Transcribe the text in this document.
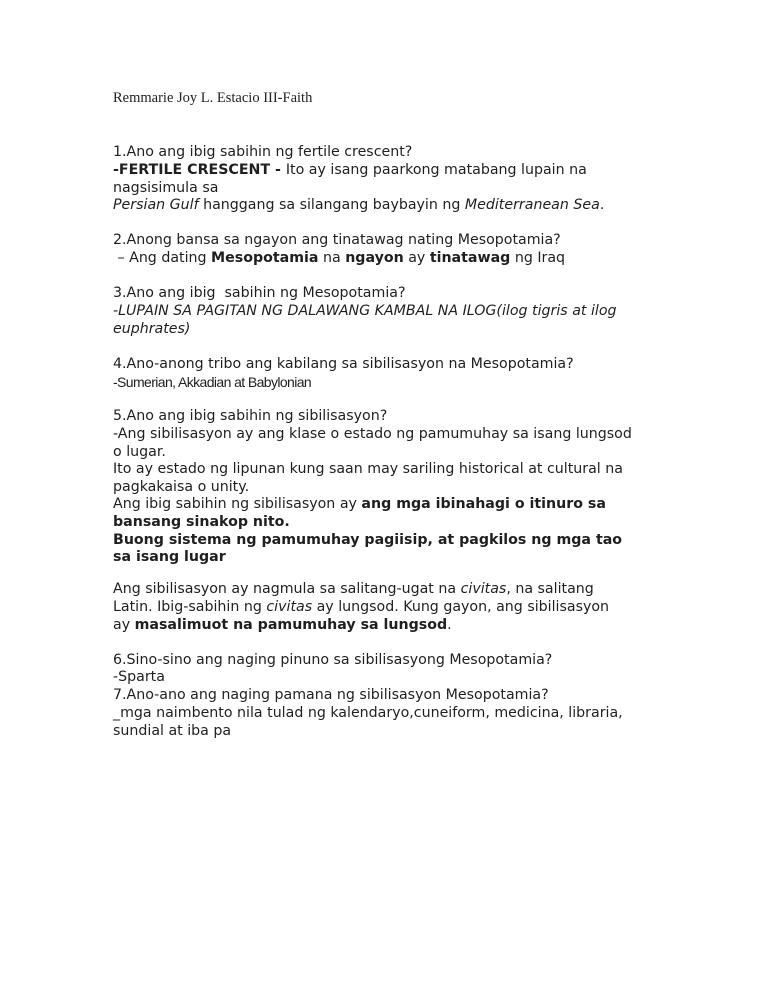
Remmarie Joy L. Estacio III-Faith
1.Ano ang ibig sabihin ng fertile crescent?
-FERTILE CRESCENT - Ito ay isang paarkong matabang lupain na
nagsisimula sa
Persian Gulf hanggang sa silangang baybayin ng Mediterranean Sea.
2.Anong bansa sa ngayon ang tinatawag nating Mesopotamia?
– Ang dating Mesopotamia na ngayon ay tinatawag ng Iraq
3.Ano ang ibig  sabihin ng Mesopotamia?
-LUPAIN SA PAGITAN NG DALAWANG KAMBAL NA ILOG(ilog tigris at ilog
euphrates)
4.Ano-anong tribo ang kabilang sa sibilisasyon na Mesopotamia?
-Sumerian, Akkadian at Babylonian
5.Ano ang ibig sabihin ng sibilisasyon?
-Ang sibilisasyon ay ang klase o estado ng pamumuhay sa isang lungsod
o lugar.
Ito ay estado ng lipunan kung saan may sariling historical at cultural na
pagkakaisa o unity.
Ang ibig sabihin ng sibilisasyon ay ang mga ibinahagi o itinuro sa
bansang sinakop nito.
Buong sistema ng pamumuhay pagiisip, at pagkilos ng mga tao
sa isang lugar
Ang sibilisasyon ay nagmula sa salitang-ugat na civitas, na salitang
Latin. Ibig-sabihin ng civitas ay lungsod. Kung gayon, ang sibilisasyon
ay masalimuot na pamumuhay sa lungsod.
6.Sino-sino ang naging pinuno sa sibilisasyong Mesopotamia?
-Sparta
7.Ano-ano ang naging pamana ng sibilisasyon Mesopotamia?
_mga naimbento nila tulad ng kalendaryo,cuneiform, medicina, libraria,
sundial at iba pa
